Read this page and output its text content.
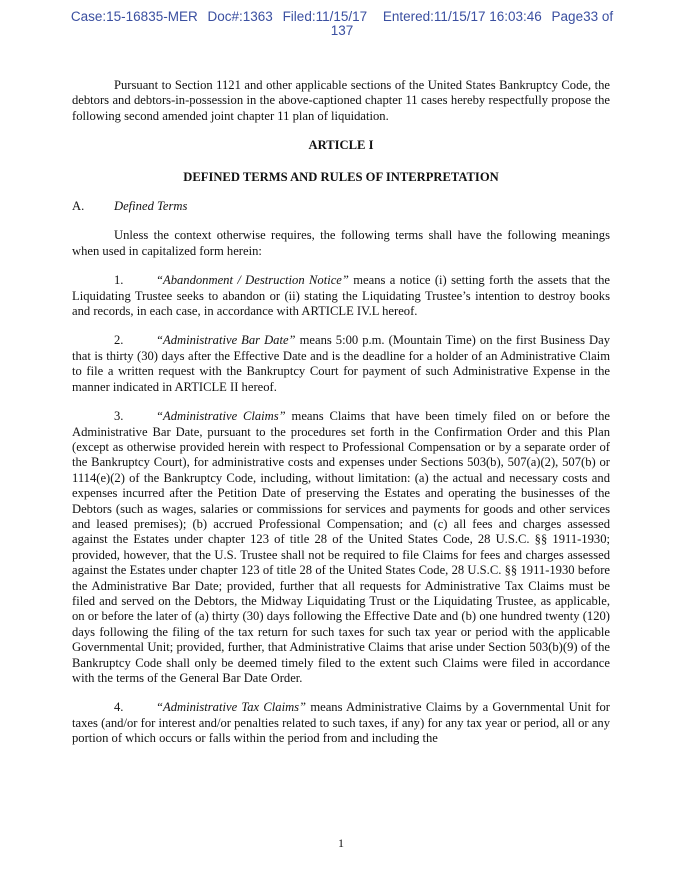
Case:15-16835-MER Doc#:1363 Filed:11/15/17 Entered:11/15/17 16:03:46 Page33 of
137

Pursuant to Section 1121 and other applicable sections of the United States Bankruptcy Code, the debtors and debtors-in-possession in the above-captioned chapter 11 cases hereby respectfully propose the following second amended joint chapter 11 plan of liquidation.

ARTICLE I
DEFINED TERMS AND RULES OF INTERPRETATION
A. Defined Terms

Unless the context otherwise requires, the following terms shall have the following meanings when used in capitalized form herein:

1.	“Abandonment / Destruction Notice” means a notice (i) setting forth the assets that the Liquidating Trustee seeks to abandon or (ii) stating the Liquidating Trustee’s intention to destroy books and records, in each case, in accordance with ARTICLE IV.L hereof.

2.	“Administrative Bar Date” means 5:00 p.m. (Mountain Time) on the first Business Day that is thirty (30) days after the Effective Date and is the deadline for a holder of an Administrative Claim to file a written request with the Bankruptcy Court for payment of such Administrative Expense in the manner indicated in ARTICLE II hereof.

3.	“Administrative Claims” means Claims that have been timely filed on or before the Administrative Bar Date, pursuant to the procedures set forth in the Confirmation Order and this Plan (except as otherwise provided herein with respect to Professional Compensation or by a separate order of the Bankruptcy Court), for administrative costs and expenses under Sections 503(b), 507(a)(2), 507(b) or 1114(e)(2) of the Bankruptcy Code, including, without limitation: (a) the actual and necessary costs and expenses incurred after the Petition Date of preserving the Estates and operating the businesses of the Debtors (such as wages, salaries or commissions for services and payments for goods and other services and leased premises); (b) accrued Professional Compensation; and (c) all fees and charges assessed against the Estates under chapter 123 of title 28 of the United States Code, 28 U.S.C. §§ 1911-1930; provided, however, that the U.S. Trustee shall not be required to file Claims for fees and charges assessed against the Estates under chapter 123 of title 28 of the United States Code, 28 U.S.C. §§ 1911-1930 before the Administrative Bar Date; provided, further that all requests for Administrative Tax Claims must be filed and served on the Debtors, the Midway Liquidating Trust or the Liquidating Trustee, as applicable, on or before the later of (a) thirty (30) days following the Effective Date and (b) one hundred twenty (120) days following the filing of the tax return for such taxes for such tax year or period with the applicable Governmental Unit; provided, further, that Administrative Claims that arise under Section 503(b)(9) of the Bankruptcy Code shall only be deemed timely filed to the extent such Claims were filed in accordance with the terms of the General Bar Date Order.

4.	“Administrative Tax Claims” means Administrative Claims by a Governmental Unit for taxes (and/or for interest and/or penalties related to such taxes, if any) for any tax year or period, all or any portion of which occurs or falls within the period from and including the

1
